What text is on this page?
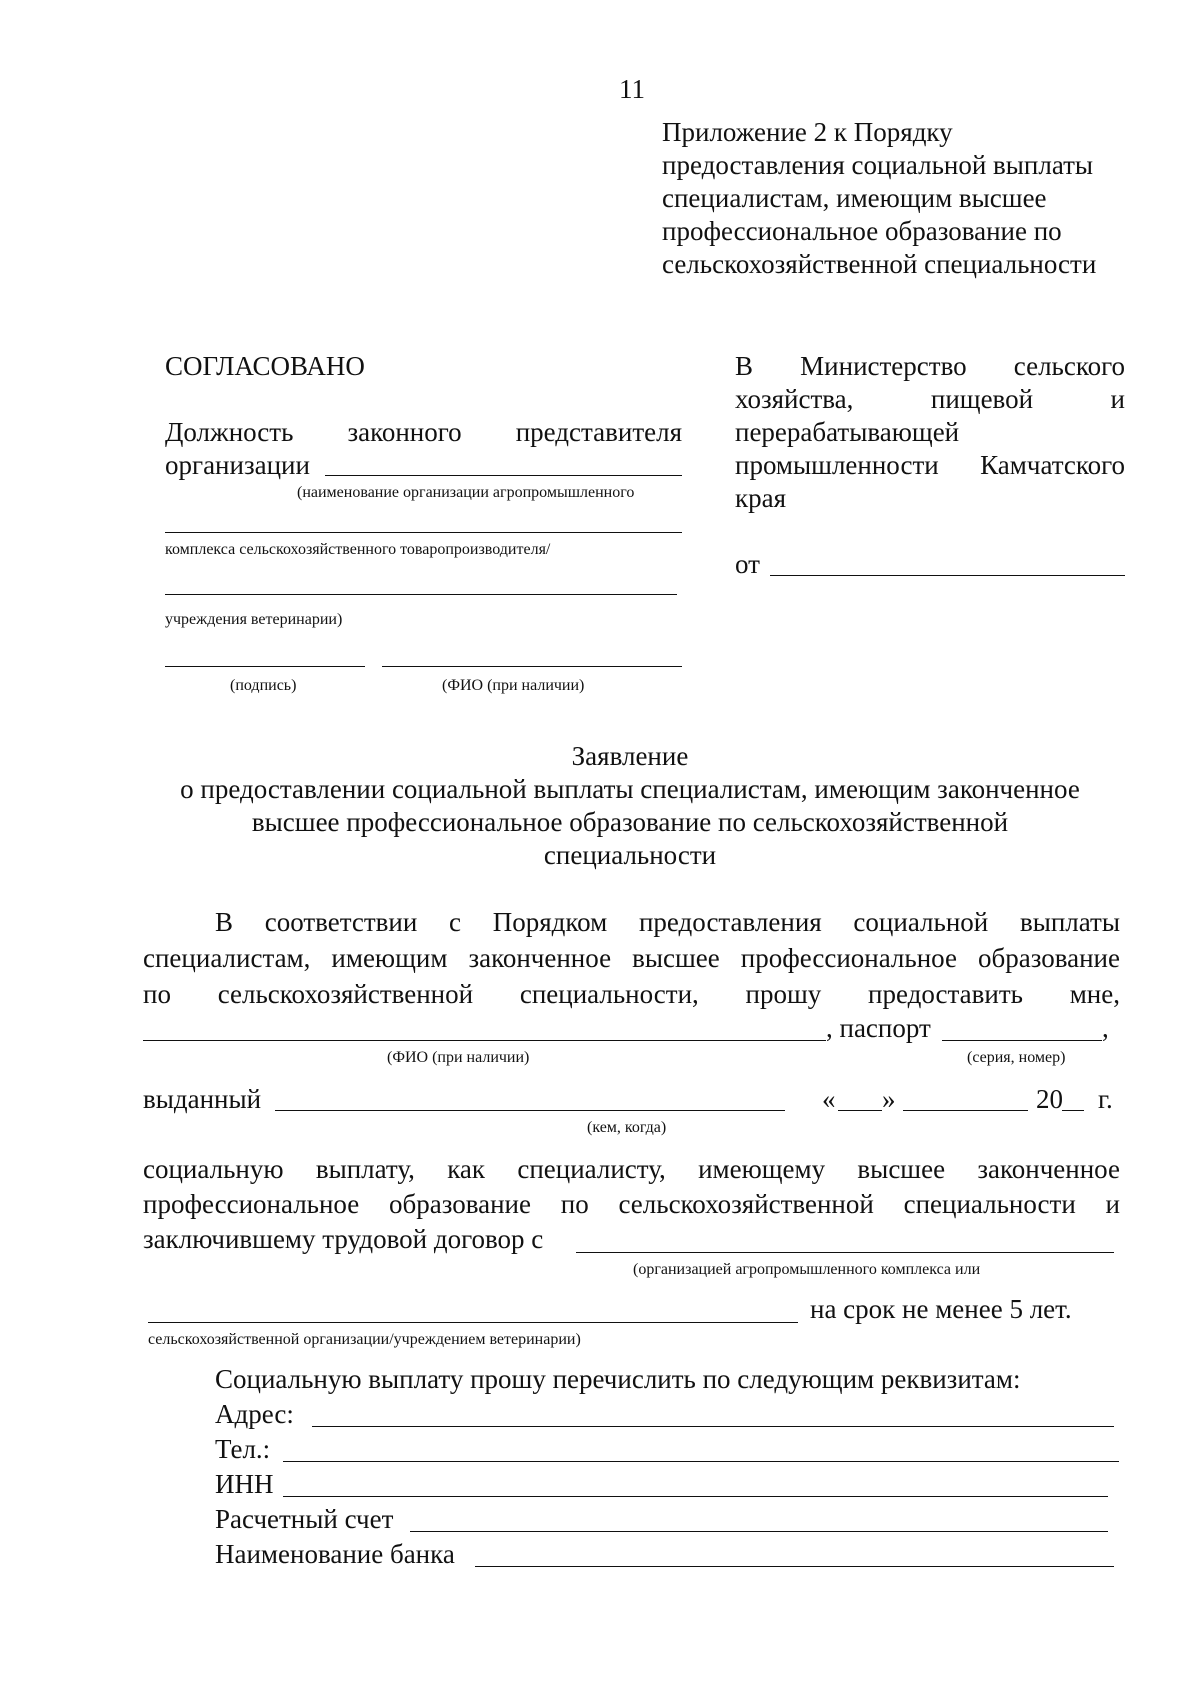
11
Приложение 2 к Порядку
предоставления социальной выплаты
специалистам, имеющим высшее
профессиональное образование по
сельскохозяйственной специальности
СОГЛАСОВАНО
Должность законного представителя
организации
(наименование организации агропромышленного
комплекса сельскохозяйственного товаропроизводителя/
учреждения ветеринарии)
(подпись)	(ФИО (при наличии)
В Министерство сельского
хозяйства, пищевой и
перерабатывающей
промышленности Камчатского
края
от
Заявление
о предоставлении социальной выплаты специалистам, имеющим законченное
высшее профессиональное образование по сельскохозяйственной
специальности
В соответствии с Порядком предоставления социальной выплаты
специалистам, имеющим законченное высшее профессиональное образование
по сельскохозяйственной специальности, прошу предоставить мне,
, паспорт	,
(ФИО (при наличии)	(серия, номер)
выданный	« »	20 г.
(кем, когда)
социальную выплату, как специалисту, имеющему высшее законченное
профессиональное образование по сельскохозяйственной специальности и
заключившему трудовой договор с
(организацией агропромышленного комплекса или
на срок не менее 5 лет.
сельскохозяйственной организации/учреждением ветеринарии)
Социальную выплату прошу перечислить по следующим реквизитам:
Адрес:
Тел.:
ИНН
Расчетный счет
Наименование банка
